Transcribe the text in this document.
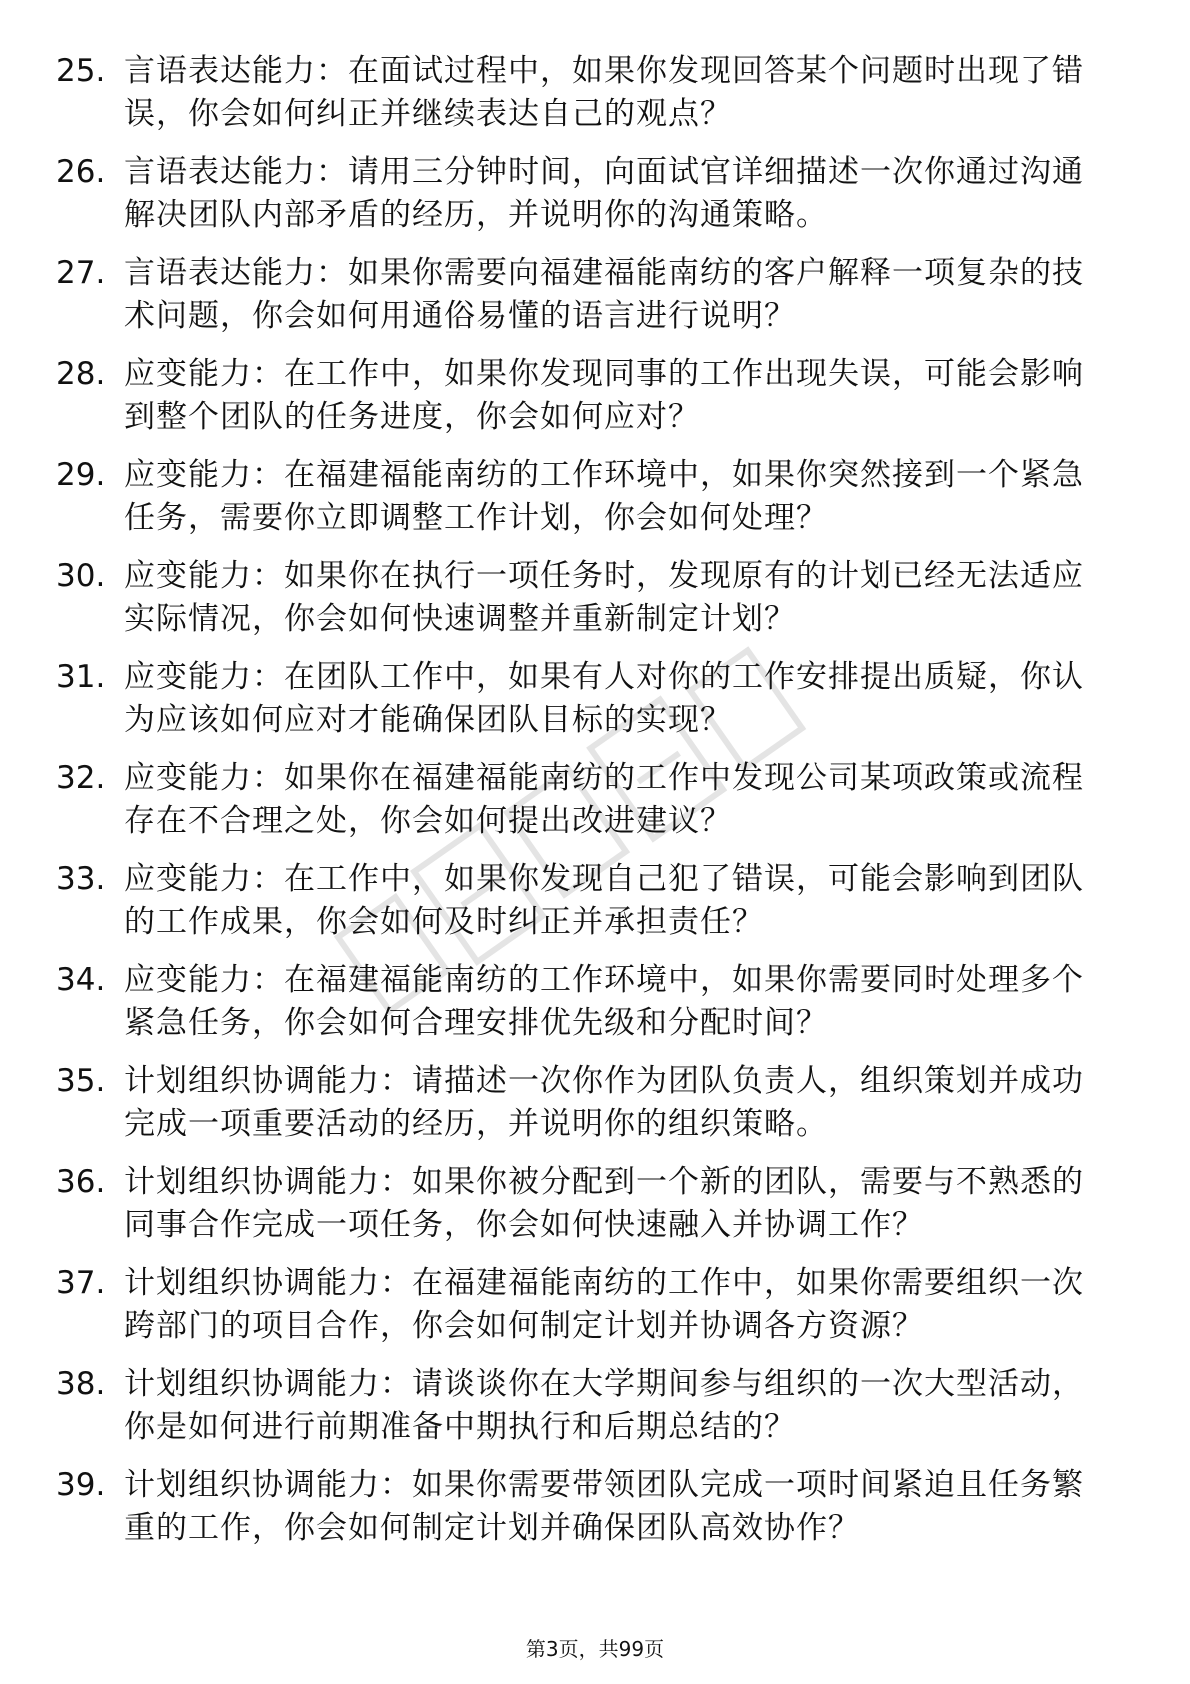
25. 言语表达能力：在面试过程中，如果你发现回答某个问题时出现了错误，你会如何纠正并继续表达自己的观点？
26. 言语表达能力：请用三分钟时间，向面试官详细描述一次你通过沟通解决团队内部矛盾的经历，并说明你的沟通策略。
27. 言语表达能力：如果你需要向福建福能南纺的客户解释一项复杂的技术问题，你会如何用通俗易懂的语言进行说明？
28. 应变能力：在工作中，如果你发现同事的工作出现失误，可能会影响到整个团队的任务进度，你会如何应对？
29. 应变能力：在福建福能南纺的工作环境中，如果你突然接到一个紧急任务，需要你立即调整工作计划，你会如何处理？
30. 应变能力：如果你在执行一项任务时，发现原有的计划已经无法适应实际情况，你会如何快速调整并重新制定计划？
31. 应变能力：在团队工作中，如果有人对你的工作安排提出质疑，你认为应该如何应对才能确保团队目标的实现？
32. 应变能力：如果你在福建福能南纺的工作中发现公司某项政策或流程存在不合理之处，你会如何提出改进建议？
33. 应变能力：在工作中，如果你发现自己犯了错误，可能会影响到团队的工作成果，你会如何及时纠正并承担责任？
34. 应变能力：在福建福能南纺的工作环境中，如果你需要同时处理多个紧急任务，你会如何合理安排优先级和分配时间？
35. 计划组织协调能力：请描述一次你作为团队负责人，组织策划并成功完成一项重要活动的经历，并说明你的组织策略。
36. 计划组织协调能力：如果你被分配到一个新的团队，需要与不熟悉的同事合作完成一项任务，你会如何快速融入并协调工作？
37. 计划组织协调能力：在福建福能南纺的工作中，如果你需要组织一次跨部门的项目合作，你会如何制定计划并协调各方资源？
38. 计划组织协调能力：请谈谈你在大学期间参与组织的一次大型活动，你是如何进行前期准备中期执行和后期总结的？
39. 计划组织协调能力：如果你需要带领团队完成一项时间紧迫且任务繁重的工作，你会如何制定计划并确保团队高效协作？
第3页，共99页
